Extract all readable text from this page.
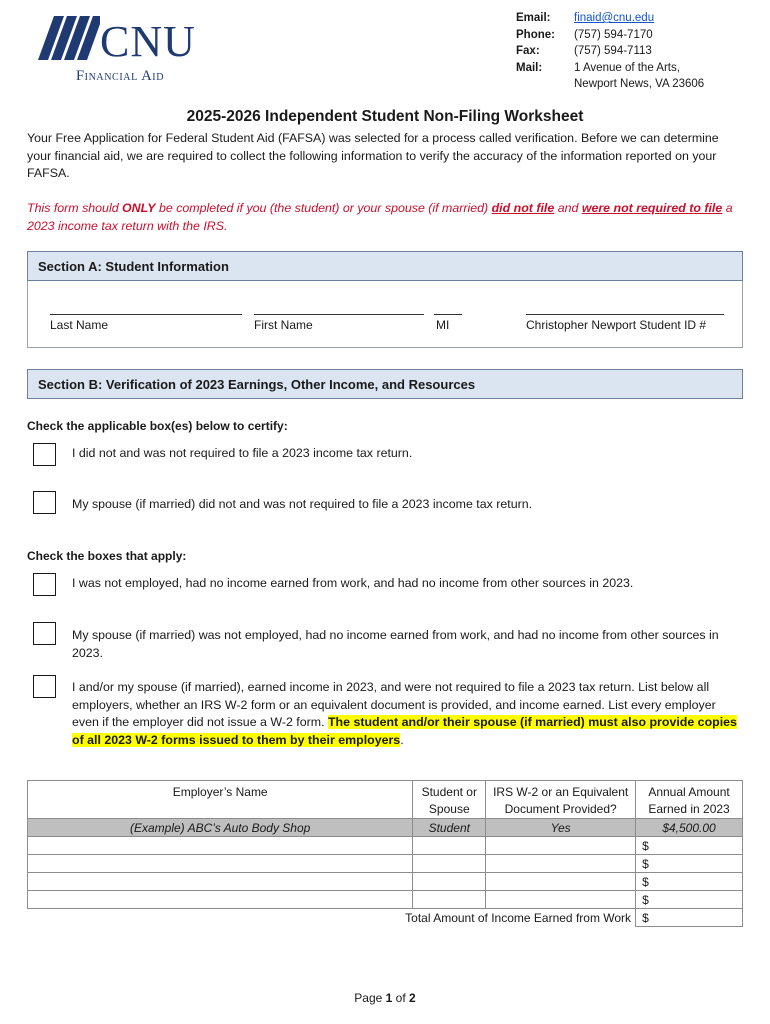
CNU
Financial Aid
Email:	finaid@cnu.edu
Phone:	(757) 594-7170
Fax:	(757) 594-7113
Mail:	1 Avenue of the Arts,
Newport News, VA 23606
2025-2026 Independent Student Non-Filing Worksheet
Your Free Application for Federal Student Aid (FAFSA) was selected for a process called verification. Before we can determine your financial aid, we are required to collect the following information to verify the accuracy of the information reported on your FAFSA.
This form should ONLY be completed if you (the student) or your spouse (if married) did not file and were not required to file a 2023 income tax return with the IRS.
Section A: Student Information
Last Name	First Name	MI	Christopher Newport Student ID #
Section B: Verification of 2023 Earnings, Other Income, and Resources
Check the applicable box(es) below to certify:
I did not and was not required to file a 2023 income tax return.
My spouse (if married) did not and was not required to file a 2023 income tax return.
Check the boxes that apply:
I was not employed, had no income earned from work, and had no income from other sources in 2023.
My spouse (if married) was not employed, had no income earned from work, and had no income from other sources in 2023.
I and/or my spouse (if married), earned income in 2023, and were not required to file a 2023 tax return. List below all employers, whether an IRS W-2 form or an equivalent document is provided, and income earned. List every employer even if the employer did not issue a W-2 form. The student and/or their spouse (if married) must also provide copies of all 2023 W-2 forms issued to them by their employers.
Employer’s Name	Student or Spouse	IRS W-2 or an Equivalent Document Provided?	Annual Amount Earned in 2023
(Example) ABC’s Auto Body Shop	Student	Yes	$4,500.00
			$
			$
			$
			$
Total Amount of Income Earned from Work			$
Page 1 of 2
